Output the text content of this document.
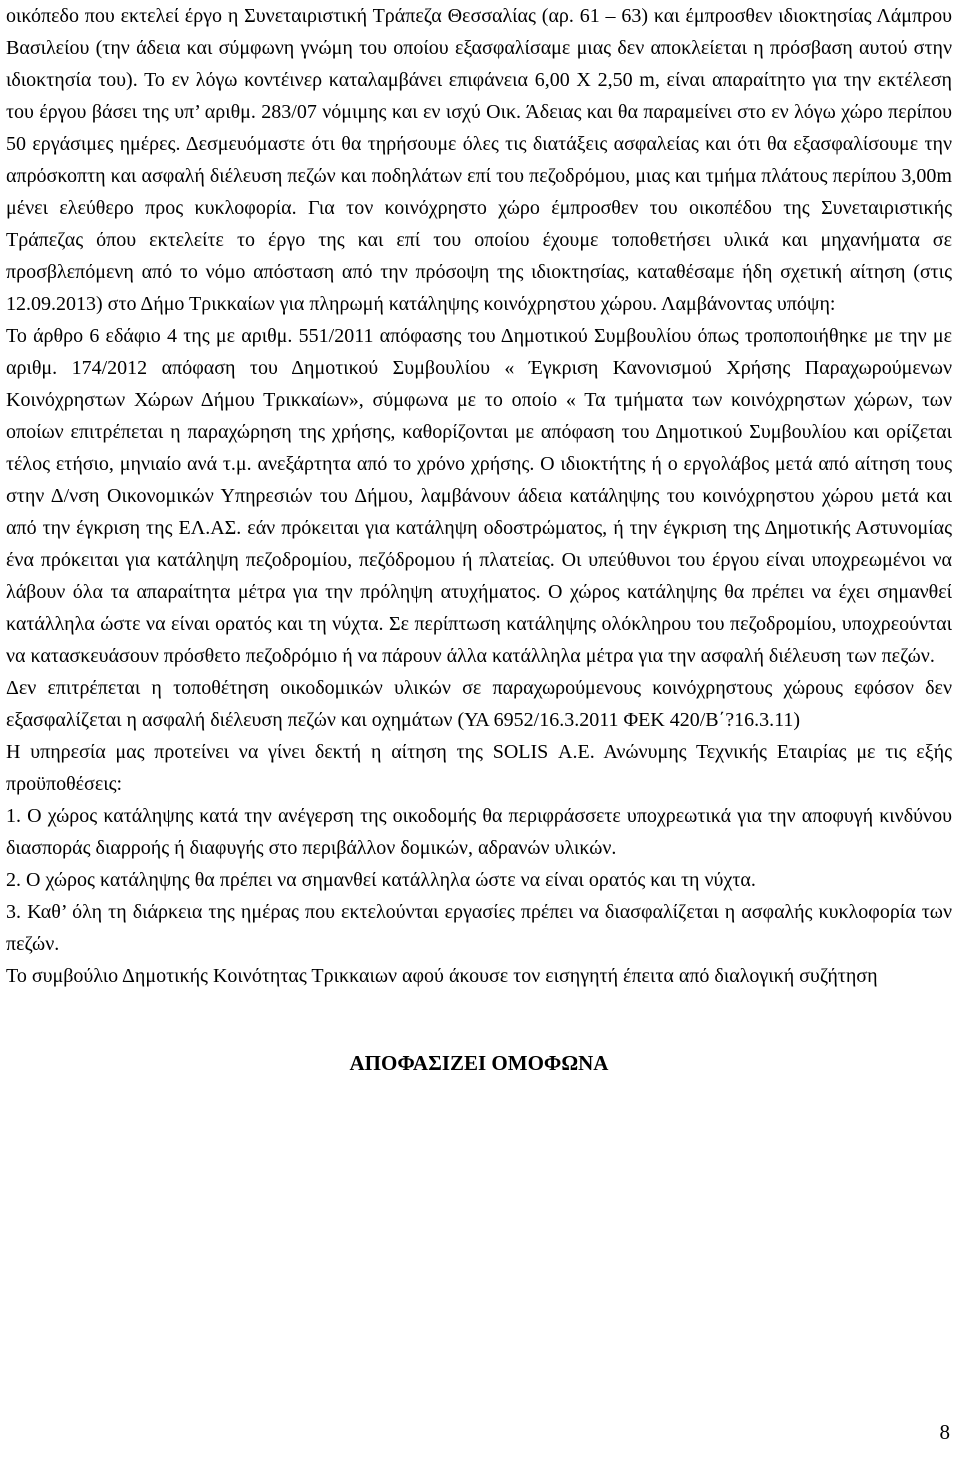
οικόπεδο που εκτελεί έργο η Συνεταιριστική Τράπεζα Θεσσαλίας (αρ. 61 – 63) και έμπροσθεν ιδιοκτησίας Λάμπρου Βασιλείου (την άδεια και σύμφωνη γνώμη του οποίου εξασφαλίσαμε μιας δεν αποκλείεται η πρόσβαση αυτού στην ιδιοκτησία του). Το εν λόγω κοντέινερ καταλαμβάνει επιφάνεια 6,00 Χ 2,50 m, είναι απαραίτητο για την εκτέλεση του έργου βάσει της υπ’ αριθμ. 283/07 νόμιμης και εν ισχύ Οικ. Άδειας και θα παραμείνει στο εν λόγω χώρο περίπου 50 εργάσιμες ημέρες. Δεσμευόμαστε ότι θα τηρήσουμε όλες τις διατάξεις ασφαλείας και ότι θα εξασφαλίσουμε την απρόσκοπτη και ασφαλή διέλευση πεζών και ποδηλάτων επί του πεζοδρόμου, μιας και τμήμα πλάτους περίπου 3,00m μένει ελεύθερο προς κυκλοφορία. Για τον κοινόχρηστο χώρο έμπροσθεν του οικοπέδου της Συνεταιριστικής Τράπεζας όπου εκτελείτε το έργο της και επί του οποίου έχουμε τοποθετήσει υλικά και μηχανήματα σε προσβλεπόμενη από το νόμο απόσταση από την πρόσοψη της ιδιοκτησίας, καταθέσαμε ήδη σχετική αίτηση (στις 12.09.2013) στο Δήμο Τρικκαίων για πληρωμή κατάληψης κοινόχρηστου χώρου. Λαμβάνοντας υπόψη:

Το άρθρο 6 εδάφιο 4 της με αριθμ. 551/2011 απόφασης του Δημοτικού Συμβουλίου όπως τροποποιήθηκε με την με αριθμ. 174/2012 απόφαση του Δημοτικού Συμβουλίου « Έγκριση Κανονισμού Χρήσης Παραχωρούμενων Κοινόχρηστων Χώρων Δήμου Τρικκαίων», σύμφωνα με το οποίο « Τα τμήματα των κοινόχρηστων χώρων, των οποίων επιτρέπεται η παραχώρηση της χρήσης, καθορίζονται με απόφαση του Δημοτικού Συμβουλίου και ορίζεται τέλος ετήσιο, μηνιαίο ανά τ.μ. ανεξάρτητα από το χρόνο χρήσης. Ο ιδιοκτήτης ή ο εργολάβος μετά από αίτηση τους στην Δ/νση Οικονομικών Υπηρεσιών του Δήμου, λαμβάνουν άδεια κατάληψης του κοινόχρηστου χώρου μετά και από την έγκριση της ΕΛ.ΑΣ. εάν πρόκειται για κατάληψη οδοστρώματος, ή την έγκριση της Δημοτικής Αστυνομίας ένα πρόκειται για κατάληψη πεζοδρομίου, πεζόδρομου ή πλατείας. Οι υπεύθυνοι του έργου είναι υποχρεωμένοι να λάβουν όλα τα απαραίτητα μέτρα για την πρόληψη ατυχήματος. Ο χώρος κατάληψης θα πρέπει να έχει σημανθεί κατάλληλα ώστε να είναι ορατός και τη νύχτα. Σε περίπτωση κατάληψης ολόκληρου του πεζοδρομίου, υποχρεούνται να κατασκευάσουν πρόσθετο πεζοδρόμιο ή να πάρουν άλλα κατάλληλα μέτρα για την ασφαλή διέλευση των πεζών.

Δεν επιτρέπεται η τοποθέτηση οικοδομικών υλικών σε παραχωρούμενους κοινόχρηστους χώρους εφόσον δεν εξασφαλίζεται η ασφαλή διέλευση πεζών και οχημάτων (ΥΑ 6952/16.3.2011 ΦΕΚ 420/Β΄?16.3.11)

Η υπηρεσία μας προτείνει να γίνει δεκτή η αίτηση της SOLIS Α.Ε. Ανώνυμης Τεχνικής Εταιρίας με τις εξής προϋποθέσεις:

1. Ο χώρος κατάληψης κατά την ανέγερση της οικοδομής θα περιφράσσετε υποχρεωτικά για την αποφυγή κινδύνου διασποράς διαρροής ή διαφυγής στο περιβάλλον δομικών, αδρανών υλικών.

2. Ο χώρος κατάληψης θα πρέπει να σημανθεί κατάλληλα ώστε να είναι ορατός και τη νύχτα.

3. Καθ’ όλη τη διάρκεια της ημέρας που εκτελούνται εργασίες πρέπει να διασφαλίζεται η ασφαλής κυκλοφορία των πεζών.

Το συμβούλιο Δημοτικής Κοινότητας Τρικκαιων αφού άκουσε τον εισηγητή έπειτα από διαλογική συζήτηση

ΑΠΟΦΑΣΙΖΕΙ ΟΜΟΦΩΝΑ
8
